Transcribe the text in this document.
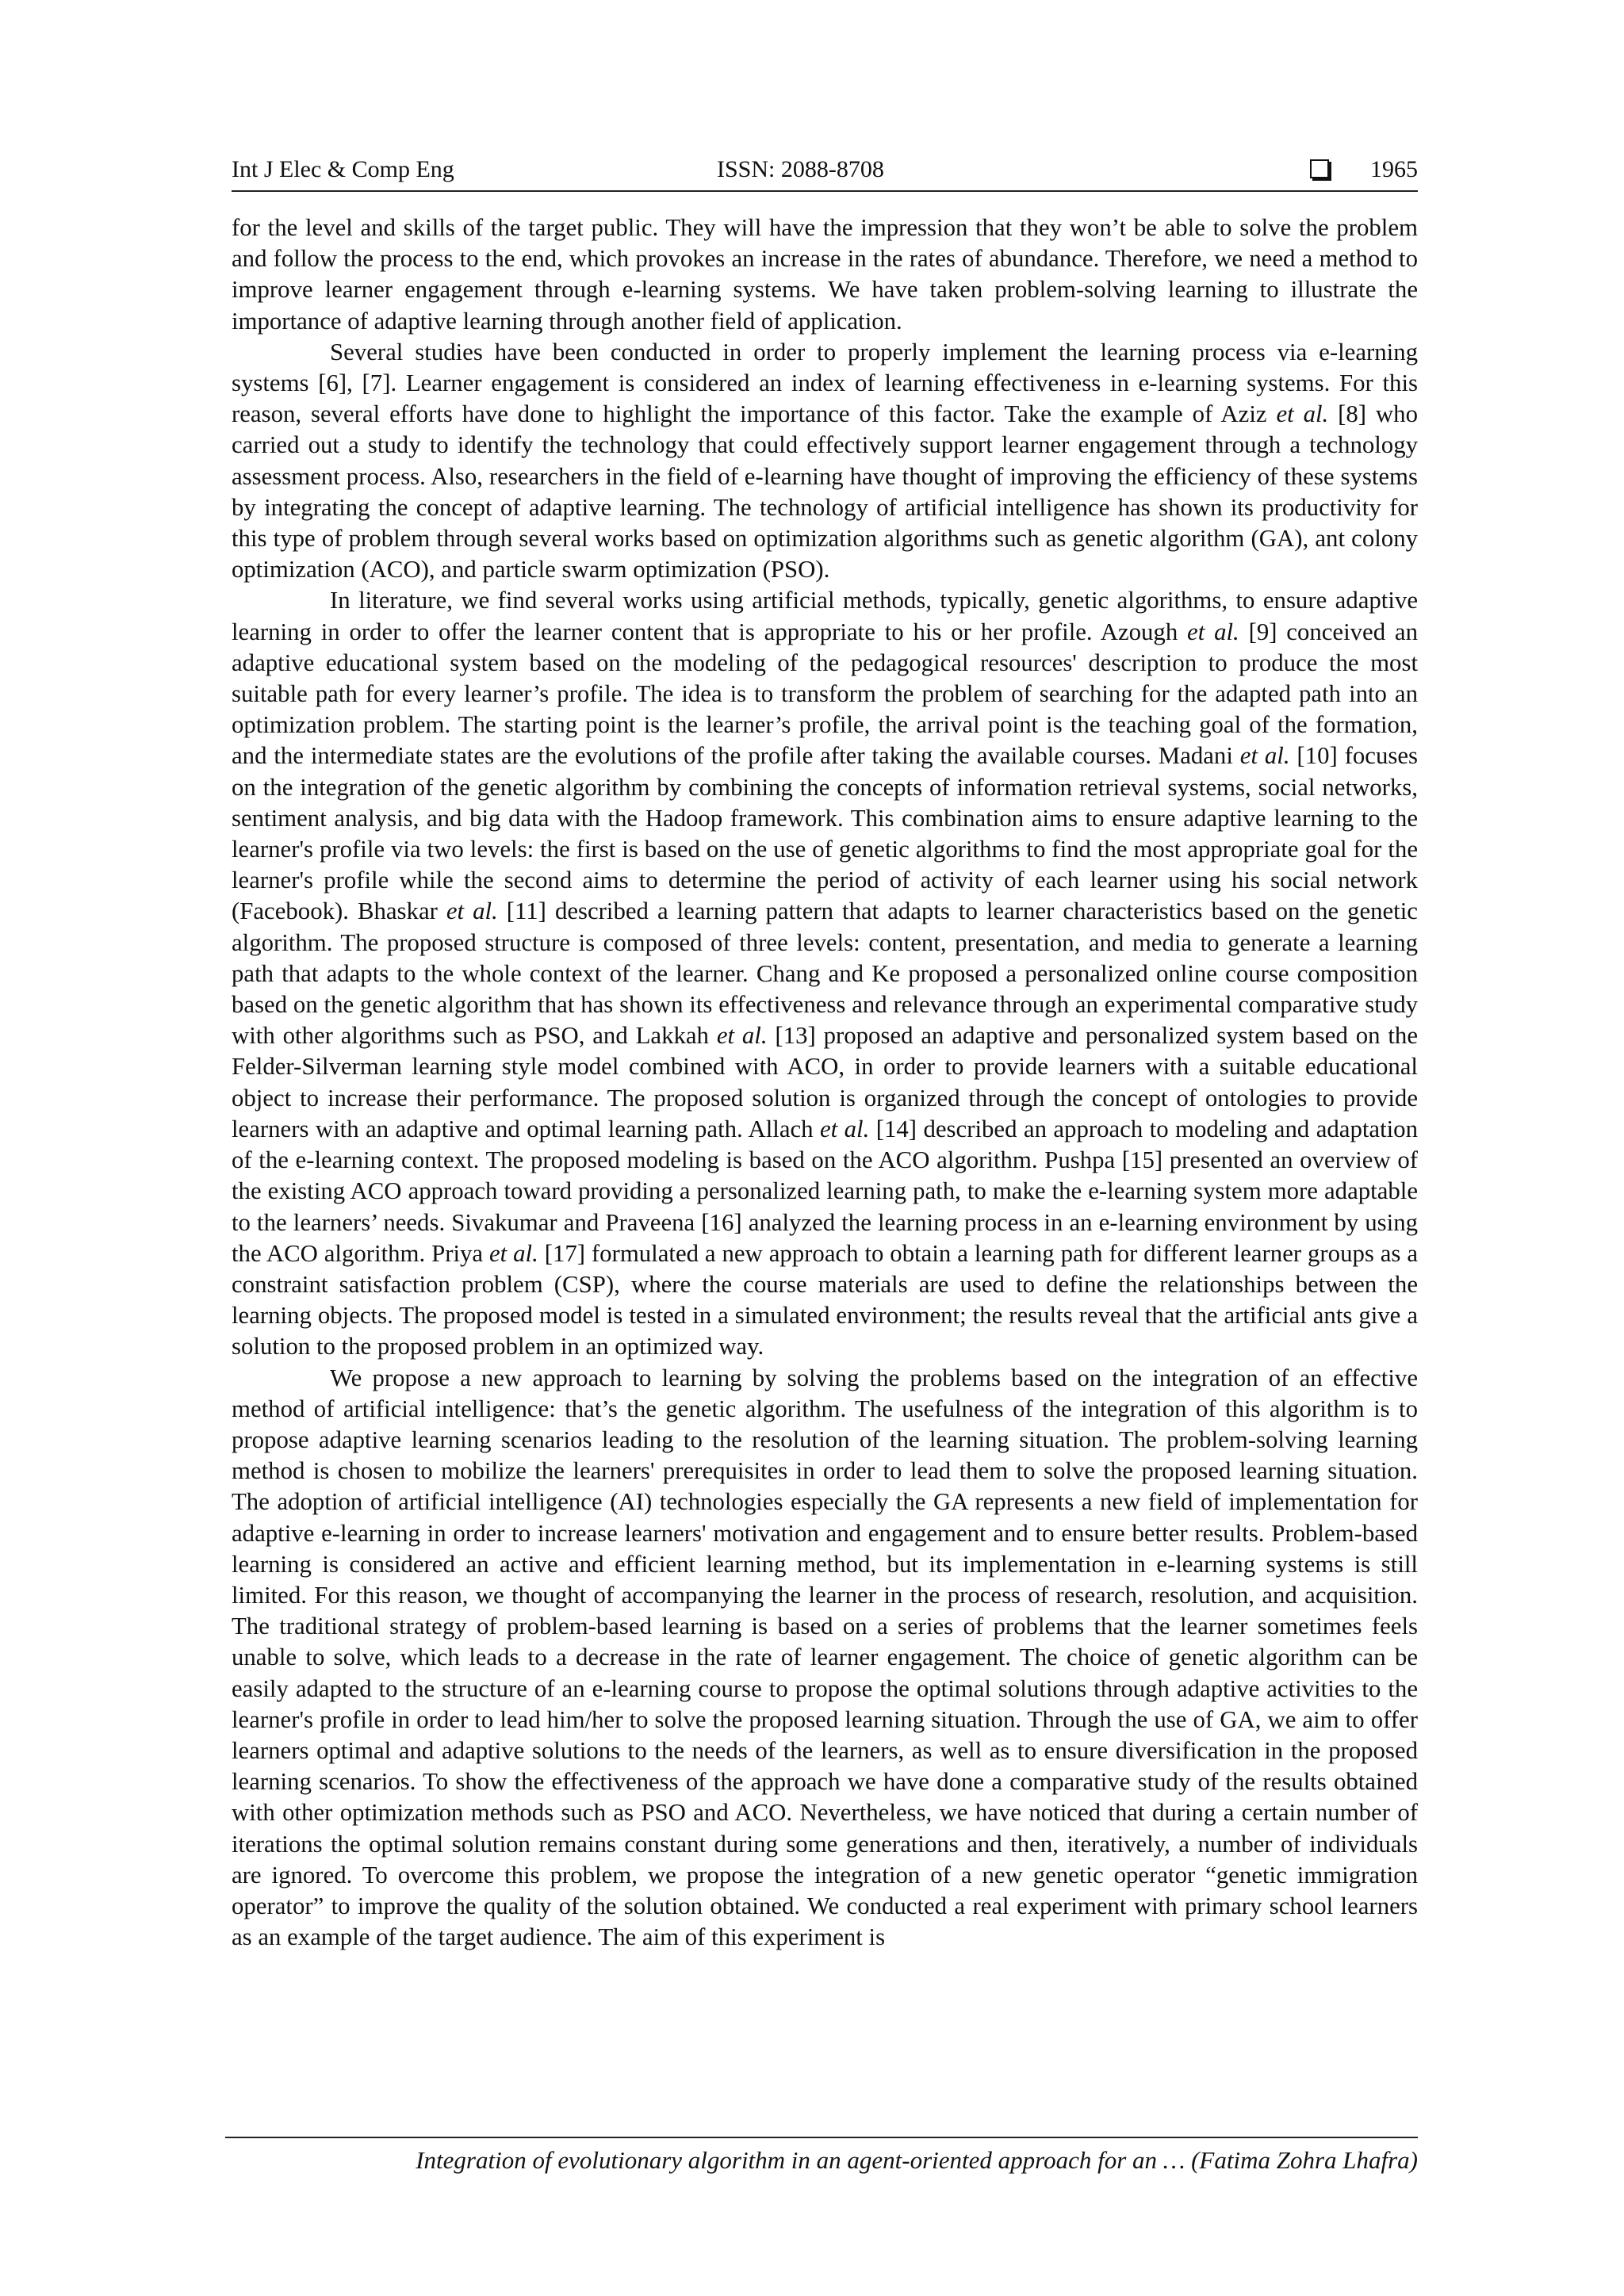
Int J Elec & Comp Eng	ISSN: 2088-8708	1965

for the level and skills of the target public. They will have the impression that they won’t be able to solve the problem and follow the process to the end, which provokes an increase in the rates of abundance. Therefore, we need a method to improve learner engagement through e-learning systems. We have taken problem-solving learning to illustrate the importance of adaptive learning through another field of application.

Several studies have been conducted in order to properly implement the learning process via e-learning systems [6], [7]. Learner engagement is considered an index of learning effectiveness in e-learning systems. For this reason, several efforts have done to highlight the importance of this factor. Take the example of Aziz et al. [8] who carried out a study to identify the technology that could effectively support learner engagement through a technology assessment process. Also, researchers in the field of e-learning have thought of improving the efficiency of these systems by integrating the concept of adaptive learning. The technology of artificial intelligence has shown its productivity for this type of problem through several works based on optimization algorithms such as genetic algorithm (GA), ant colony optimization (ACO), and particle swarm optimization (PSO).

In literature, we find several works using artificial methods, typically, genetic algorithms, to ensure adaptive learning in order to offer the learner content that is appropriate to his or her profile. Azough et al. [9] conceived an adaptive educational system based on the modeling of the pedagogical resources' description to produce the most suitable path for every learner’s profile. The idea is to transform the problem of searching for the adapted path into an optimization problem. The starting point is the learner’s profile, the arrival point is the teaching goal of the formation, and the intermediate states are the evolutions of the profile after taking the available courses. Madani et al. [10] focuses on the integration of the genetic algorithm by combining the concepts of information retrieval systems, social networks, sentiment analysis, and big data with the Hadoop framework. This combination aims to ensure adaptive learning to the learner's profile via two levels: the first is based on the use of genetic algorithms to find the most appropriate goal for the learner's profile while the second aims to determine the period of activity of each learner using his social network (Facebook). Bhaskar et al. [11] described a learning pattern that adapts to learner characteristics based on the genetic algorithm. The proposed structure is composed of three levels: content, presentation, and media to generate a learning path that adapts to the whole context of the learner. Chang and Ke proposed a personalized online course composition based on the genetic algorithm that has shown its effectiveness and relevance through an experimental comparative study with other algorithms such as PSO, and Lakkah et al. [13] proposed an adaptive and personalized system based on the Felder-Silverman learning style model combined with ACO, in order to provide learners with a suitable educational object to increase their performance. The proposed solution is organized through the concept of ontologies to provide learners with an adaptive and optimal learning path. Allach et al. [14] described an approach to modeling and adaptation of the e-learning context. The proposed modeling is based on the ACO algorithm. Pushpa [15] presented an overview of the existing ACO approach toward providing a personalized learning path, to make the e-learning system more adaptable to the learners’ needs. Sivakumar and Praveena [16] analyzed the learning process in an e-learning environment by using the ACO algorithm. Priya et al. [17] formulated a new approach to obtain a learning path for different learner groups as a constraint satisfaction problem (CSP), where the course materials are used to define the relationships between the learning objects. The proposed model is tested in a simulated environment; the results reveal that the artificial ants give a solution to the proposed problem in an optimized way.

We propose a new approach to learning by solving the problems based on the integration of an effective method of artificial intelligence: that’s the genetic algorithm. The usefulness of the integration of this algorithm is to propose adaptive learning scenarios leading to the resolution of the learning situation. The problem-solving learning method is chosen to mobilize the learners' prerequisites in order to lead them to solve the proposed learning situation. The adoption of artificial intelligence (AI) technologies especially the GA represents a new field of implementation for adaptive e-learning in order to increase learners' motivation and engagement and to ensure better results. Problem-based learning is considered an active and efficient learning method, but its implementation in e-learning systems is still limited. For this reason, we thought of accompanying the learner in the process of research, resolution, and acquisition. The traditional strategy of problem-based learning is based on a series of problems that the learner sometimes feels unable to solve, which leads to a decrease in the rate of learner engagement. The choice of genetic algorithm can be easily adapted to the structure of an e-learning course to propose the optimal solutions through adaptive activities to the learner's profile in order to lead him/her to solve the proposed learning situation. Through the use of GA, we aim to offer learners optimal and adaptive solutions to the needs of the learners, as well as to ensure diversification in the proposed learning scenarios. To show the effectiveness of the approach we have done a comparative study of the results obtained with other optimization methods such as PSO and ACO. Nevertheless, we have noticed that during a certain number of iterations the optimal solution remains constant during some generations and then, iteratively, a number of individuals are ignored. To overcome this problem, we propose the integration of a new genetic operator “genetic immigration operator” to improve the quality of the solution obtained. We conducted a real experiment with primary school learners as an example of the target audience. The aim of this experiment is

Integration of evolutionary algorithm in an agent-oriented approach for an … (Fatima Zohra Lhafra)
